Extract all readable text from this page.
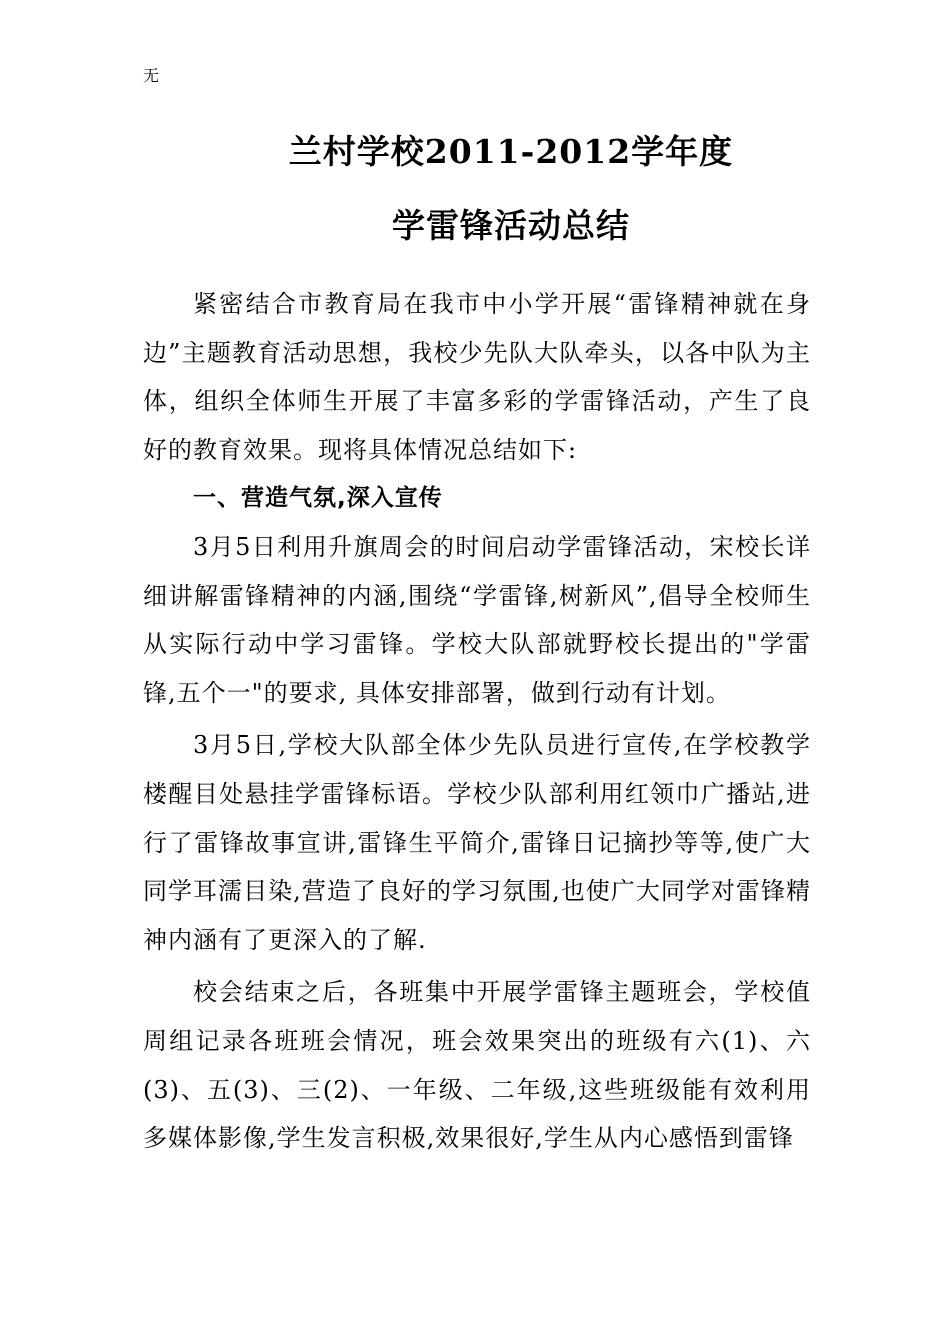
无
兰村学校2011-2012学年度
学雷锋活动总结

紧密结合市教育局在我市中小学开展“雷锋精神就在身边”主题教育活动思想，我校少先队大队牵头，以各中队为主体，组织全体师生开展了丰富多彩的学雷锋活动，产生了良好的教育效果。现将具体情况总结如下:

一、营造气氛,深入宣传

3月5日利用升旗周会的时间启动学雷锋活动，宋校长详细讲解雷锋精神的内涵,围绕“学雷锋,树新风”,倡导全校师生从实际行动中学习雷锋。学校大队部就野校长提出的"学雷锋,五个一"的要求, 具体安排部署，做到行动有计划。

3月5日,学校大队部全体少先队员进行宣传,在学校教学楼醒目处悬挂学雷锋标语。学校少队部利用红领巾广播站,进行了雷锋故事宣讲,雷锋生平简介,雷锋日记摘抄等等,使广大同学耳濡目染,营造了良好的学习氛围,也使广大同学对雷锋精神内涵有了更深入的了解.

校会结束之后，各班集中开展学雷锋主题班会，学校值周组记录各班班会情况，班会效果突出的班级有六(1)、六(3)、五(3)、三(2)、一年级、二年级,这些班级能有效利用多媒体影像,学生发言积极,效果很好,学生从内心感悟到雷锋
